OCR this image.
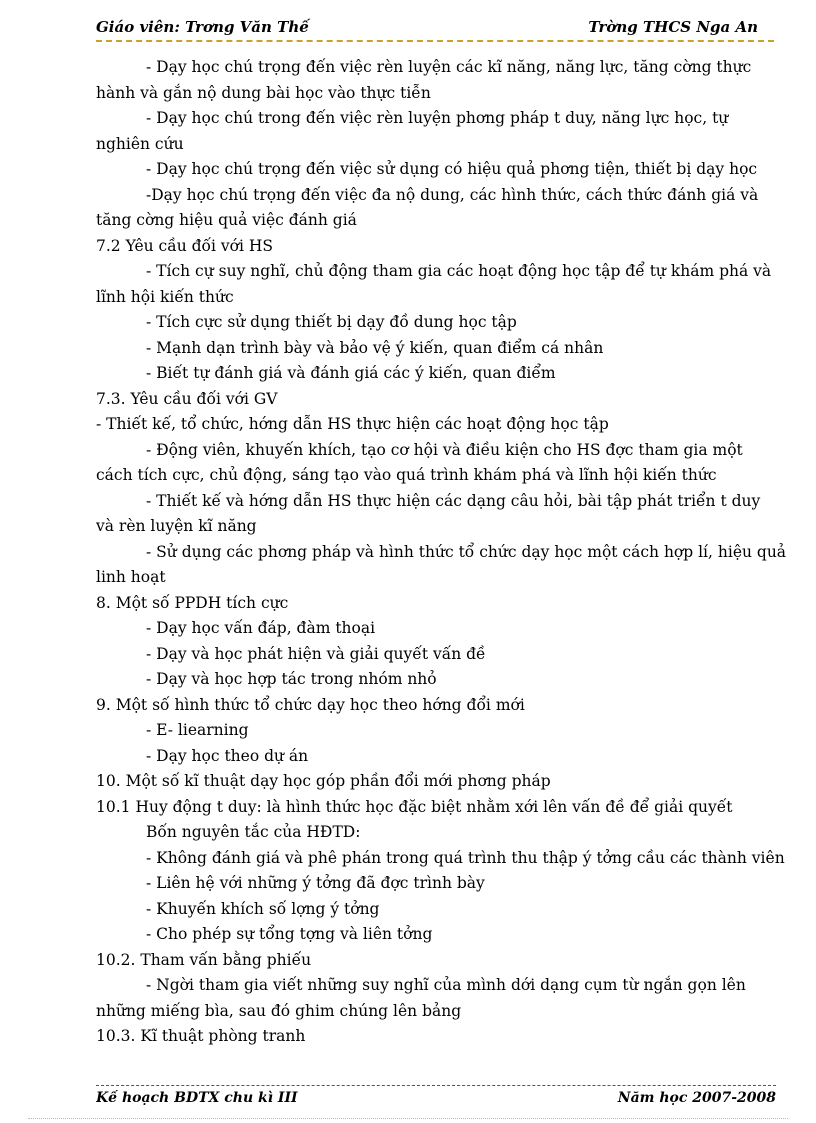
Giáo viên: Trơng Văn Thế	Trờng THCS Nga An

- Dạy học chú trọng đến việc rèn luyện các kĩ năng, năng lực, tăng cờng thực

hành và gắn nộ dung bài học vào thực tiễn

- Dạy học chú trong đến việc rèn luyện phơng pháp t duy, năng lực học, tự

nghiên cứu

- Dạy học chú trọng đến việc sử dụng có hiệu quả phơng tiện, thiết bị dạy học

-Dạy học chú trọng đến việc đa nộ dung, các hình thức, cách thức đánh giá và

tăng cờng hiệu quả việc đánh giá

7.2 Yêu cầu đối với HS

- Tích cự suy nghĩ, chủ động tham gia các hoạt động học tập để tự khám phá và

lĩnh hội kiến thức

- Tích cực sử dụng thiết bị dạy đồ dung học tập

- Mạnh dạn trình bày và bảo vệ ý kiến, quan điểm cá nhân

- Biết tự đánh giá và đánh giá các ý kiến, quan điểm

7.3. Yêu cầu đối với GV

- Thiết kế, tổ chức, hớng dẫn HS thực hiện các hoạt động học tập

- Động viên, khuyến khích, tạo cơ hội và điều kiện cho HS đợc tham gia một

cách tích cực, chủ động, sáng tạo vào quá trình khám phá và lĩnh hội kiến thức

- Thiết kế và hớng dẫn HS thực hiện các dạng câu hỏi, bài tập phát triển t duy

và rèn luyện kĩ năng

- Sử dụng các phơng pháp và hình thức tổ chức dạy học một cách hợp lí, hiệu quả

linh hoạt

8. Một số PPDH tích cực

- Dạy học vấn đáp, đàm thoại

- Dạy và học phát hiện và giải quyết vấn đề

- Dạy và học hợp tác trong nhóm nhỏ

9. Một số hình thức tổ chức dạy học theo hớng đổi mới

- E- liearning

- Dạy học theo dự án

10. Một số kĩ thuật dạy học góp phần đổi mới phơng pháp

10.1 Huy động t duy: là hình thức học đặc biệt nhằm xới lên vấn đề để giải quyết

Bốn nguyên tắc của HĐTD:

- Không đánh giá và phê phán trong quá trình thu thập ý tởng cầu các thành viên

- Liên hệ với những ý tởng đã đợc trình bày

- Khuyến khích số lợng ý tởng

- Cho phép sự tổng tợng và liên tởng

10.2. Tham vấn bằng phiếu

- Ngời tham gia viết những suy nghĩ của mình dới dạng cụm từ ngắn gọn lên

những miếng bìa, sau đó ghim chúng lên bảng

10.3. Kĩ thuật phòng tranh

Kế hoạch BDTX chu kì III	Năm học 2007-2008
